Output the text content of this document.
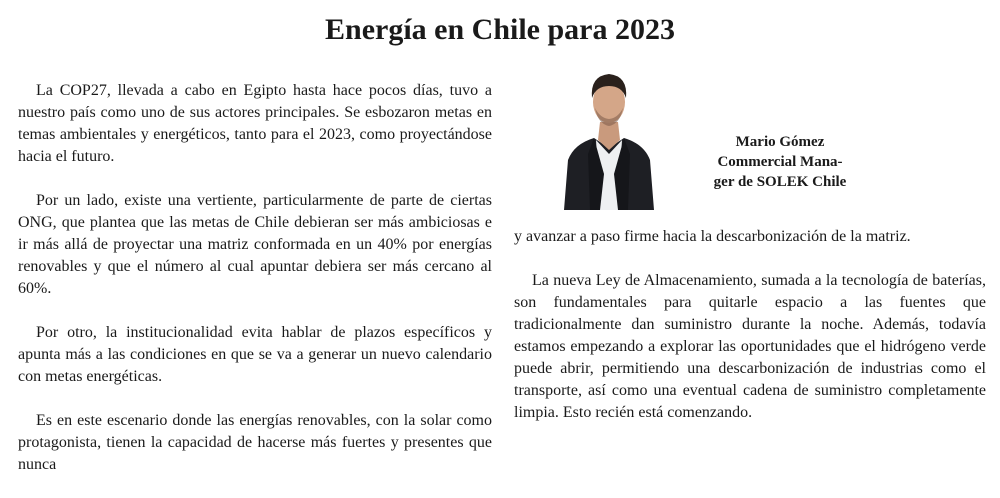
Energía en Chile para 2023

La COP27, llevada a cabo en Egipto hasta hace pocos días, tuvo a nuestro país como uno de sus actores principales. Se esbozaron metas en temas ambientales y energéticos, tanto para el 2023, como proyectándose hacia el futuro.

Por un lado, existe una vertiente, particularmente de parte de ciertas ONG, que plantea que las metas de Chile debieran ser más ambiciosas e ir más allá de proyectar una matriz conformada en un 40% por energías renovables y que el número al cual apuntar debiera ser más cercano al 60%.

Por otro, la institucionalidad evita hablar de plazos específicos y apunta más a las condiciones en que se va a generar un nuevo calendario con metas energéticas.

Es en este escenario donde las energías renovables, con la solar como protagonista, tienen la capacidad de hacerse más fuertes y presentes que nunca

Mario Gómez
Commercial Mana-
ger de SOLEK Chile

y avanzar a paso firme hacia la descarbonización de la matriz.

La nueva Ley de Almacenamiento, sumada a la tecnología de baterías, son fundamentales para quitarle espacio a las fuentes que tradicionalmente dan suministro durante la noche. Además, todavía estamos empezando a explorar las oportunidades que el hidrógeno verde puede abrir, permitiendo una descarbonización de industrias como el transporte, así como una eventual cadena de suministro completamente limpia. Esto recién está comenzando.
